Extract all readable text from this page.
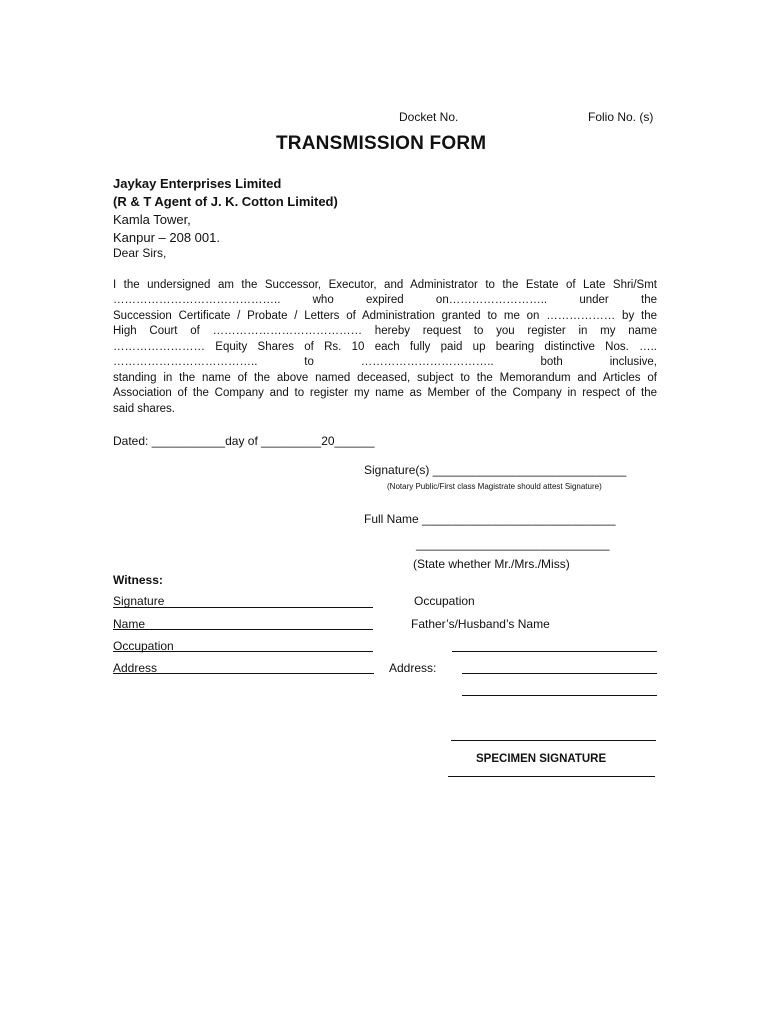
Docket No.	Folio No. (s)
TRANSMISSION FORM
Jaykay Enterprises Limited
(R & T Agent of J. K. Cotton Limited)
Kamla Tower,
Kanpur – 208 001.
Dear Sirs,
I the undersigned am the Successor, Executor, and Administrator to the Estate of Late Shri/Smt
…………………………………….. who expired on…………………….. under the
Succession Certificate / Probate / Letters of Administration granted to me on ……………… by the
High Court of ………………………………… hereby request to you register in my name
…………………… Equity Shares of Rs. 10 each fully paid up bearing distinctive Nos. …..
……………………………….. to …………………………….. both inclusive,
standing in the name of the above named deceased, subject to the Memorandum and Articles of
Association of the Company and to register my name as Member of the Company in respect of the
said shares.
Dated: ___________day of _________20______
Signature(s) _____________________________
(Notary Public/First class Magistrate should attest Signature)
Full Name _____________________________
_____________________________
(State whether Mr./Mrs./Miss)
Witness:
Signature
Name
Occupation
Address
Occupation
Father’s/Husband’s Name
Address:
SPECIMEN SIGNATURE
